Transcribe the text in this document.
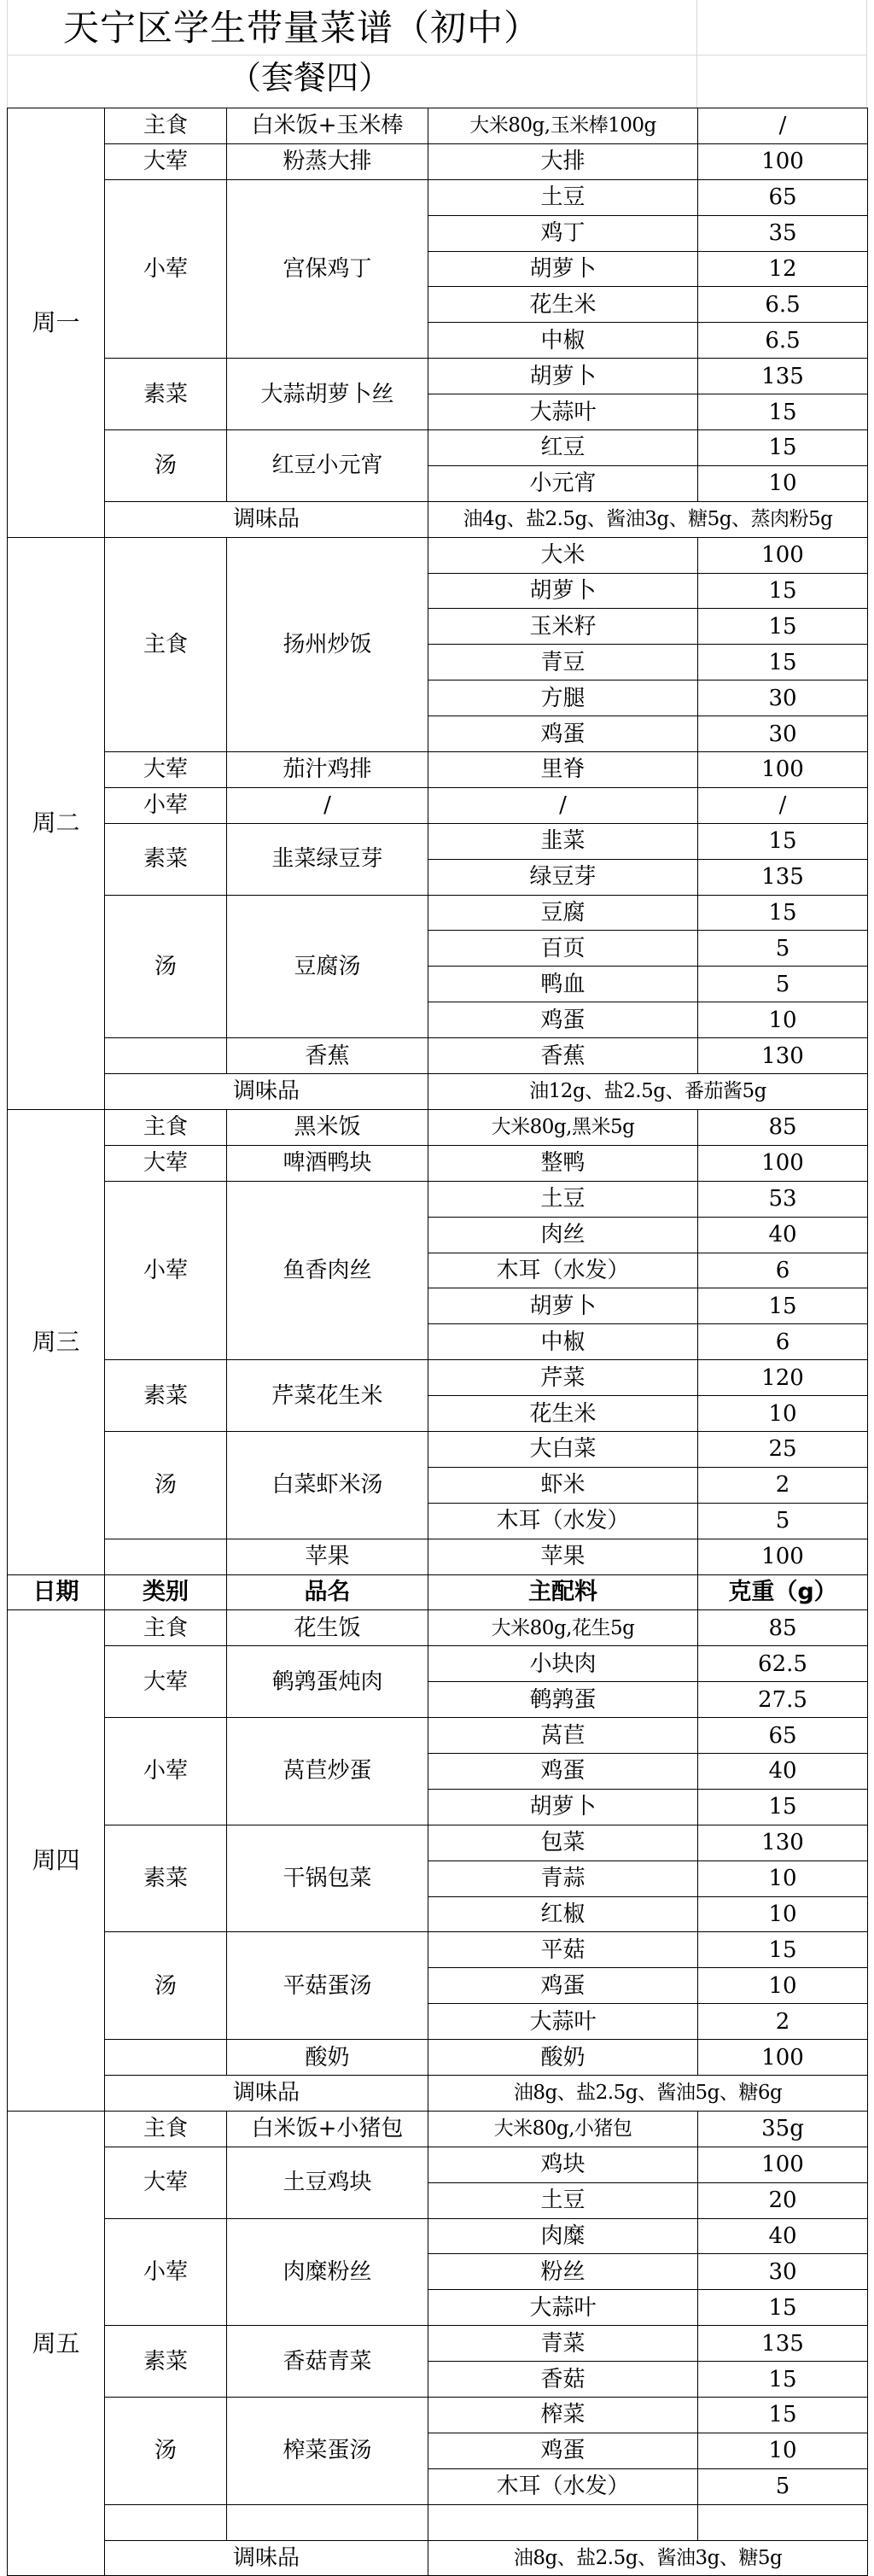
天宁区学生带量菜谱（初中）
（套餐四）
周一	主食	白米饭+玉米棒	大米80g,玉米棒100g	/
	大荤	粉蒸大排	大排	100
	小荤	宫保鸡丁	土豆	65
			鸡丁	35
			胡萝卜	12
			花生米	6.5
			中椒	6.5
	素菜	大蒜胡萝卜丝	胡萝卜	135
			大蒜叶	15
	汤	红豆小元宵	红豆	15
			小元宵	10
	调味品		油4g、盐2.5g、酱油3g、糖5g、蒸肉粉5g	
周二	主食	扬州炒饭	大米	100
			胡萝卜	15
			玉米籽	15
			青豆	15
			方腿	30
			鸡蛋	30
	大荤	茄汁鸡排	里脊	100
	小荤	/	/	/
	素菜	韭菜绿豆芽	韭菜	15
			绿豆芽	135
	汤	豆腐汤	豆腐	15
			百页	5
			鸭血	5
			鸡蛋	10
		香蕉	香蕉	130
	调味品		油12g、盐2.5g、番茄酱5g	
周三	主食	黑米饭	大米80g,黑米5g	85
	大荤	啤酒鸭块	整鸭	100
	小荤	鱼香肉丝	土豆	53
			肉丝	40
			木耳（水发）	6
			胡萝卜	15
			中椒	6
	素菜	芹菜花生米	芹菜	120
			花生米	10
	汤	白菜虾米汤	大白菜	25
			虾米	2
			木耳（水发）	5
		苹果	苹果	100
日期	类别	品名	主配料	克重（g）
周四	主食	花生饭	大米80g,花生5g	85
	大荤	鹌鹑蛋炖肉	小块肉	62.5
			鹌鹑蛋	27.5
	小荤	莴苣炒蛋	莴苣	65
			鸡蛋	40
			胡萝卜	15
	素菜	干锅包菜	包菜	130
			青蒜	10
			红椒	10
	汤	平菇蛋汤	平菇	15
			鸡蛋	10
			大蒜叶	2
		酸奶	酸奶	100
	调味品		油8g、盐2.5g、酱油5g、糖6g	
周五	主食	白米饭+小猪包	大米80g,小猪包	35g
	大荤	土豆鸡块	鸡块	100
			土豆	20
	小荤	肉糜粉丝	肉糜	40
			粉丝	30
			大蒜叶	15
	素菜	香菇青菜	青菜	135
			香菇	15
	汤	榨菜蛋汤	榨菜	15
			鸡蛋	10
			木耳（水发）	5

	调味品		油8g、盐2.5g、酱油3g、糖5g	
